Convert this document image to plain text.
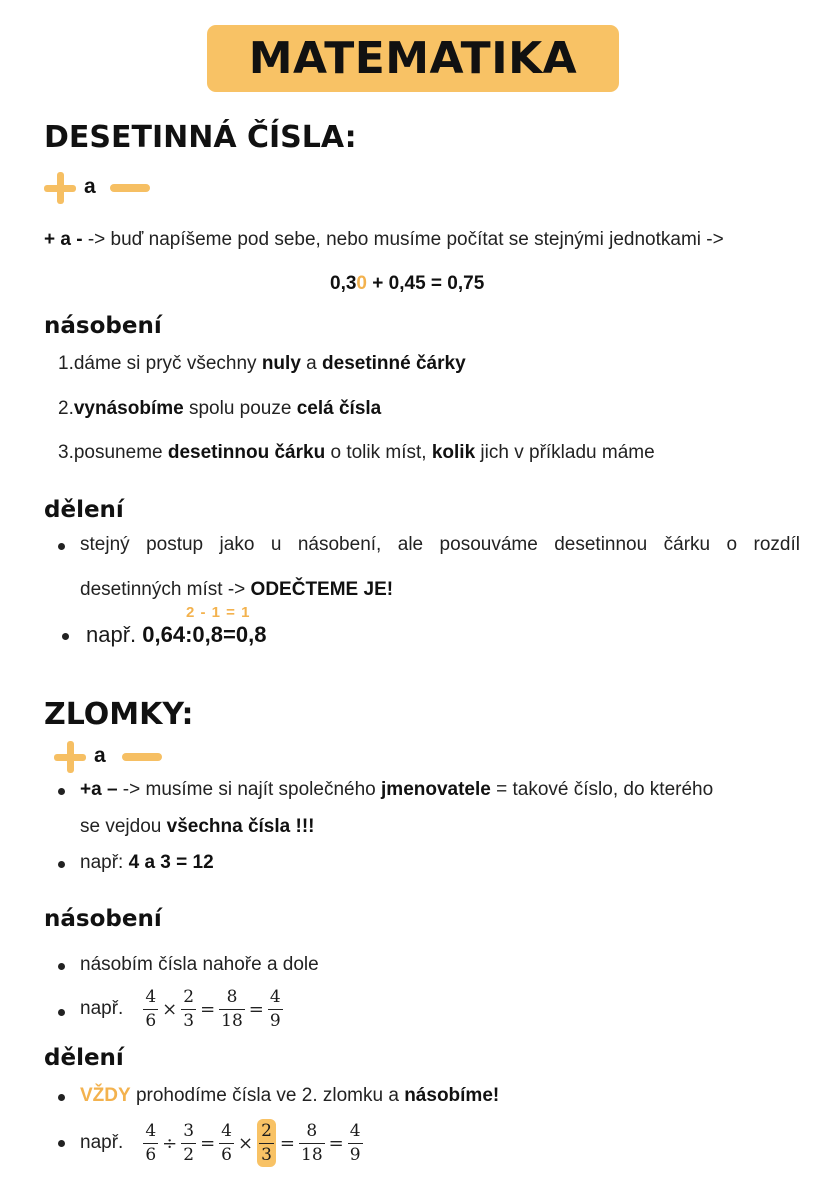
MATEMATIKA
DESETINNÁ ČÍSLA:
a
+ a - -> buď napíšeme pod sebe, nebo musíme počítat se stejnými jednotkami ->
0,30 + 0,45 = 0,75
násobení
1.dáme si pryč všechny nuly a desetinné čárky
2.vynásobíme spolu pouze celá čísla
3.posuneme desetinnou čárku o tolik míst, kolik jich v příkladu máme
dělení
stejný postup jako u násobení, ale posouváme desetinnou čárku o rozdíl
desetinných míst -> ODEČTEME JE!
2 - 1 = 1
např. 0,64:0,8=0,8
ZLOMKY:
a
+a – -> musíme si najít společného jmenovatele = takové číslo, do kterého
se vejdou všechna čísla !!!
např: 4 a 3 = 12
násobení
násobím čísla nahoře a dole
např. $\frac{4}{6} \times \frac{2}{3} = \frac{8}{18} = \frac{4}{9}$
dělení
VŽDY prohodíme čísla ve 2. zlomku a násobíme!
např. $\frac{4}{6} \div \frac{3}{2} = \frac{4}{6} \times \frac{2}{3} = \frac{8}{18} = \frac{4}{9}$
